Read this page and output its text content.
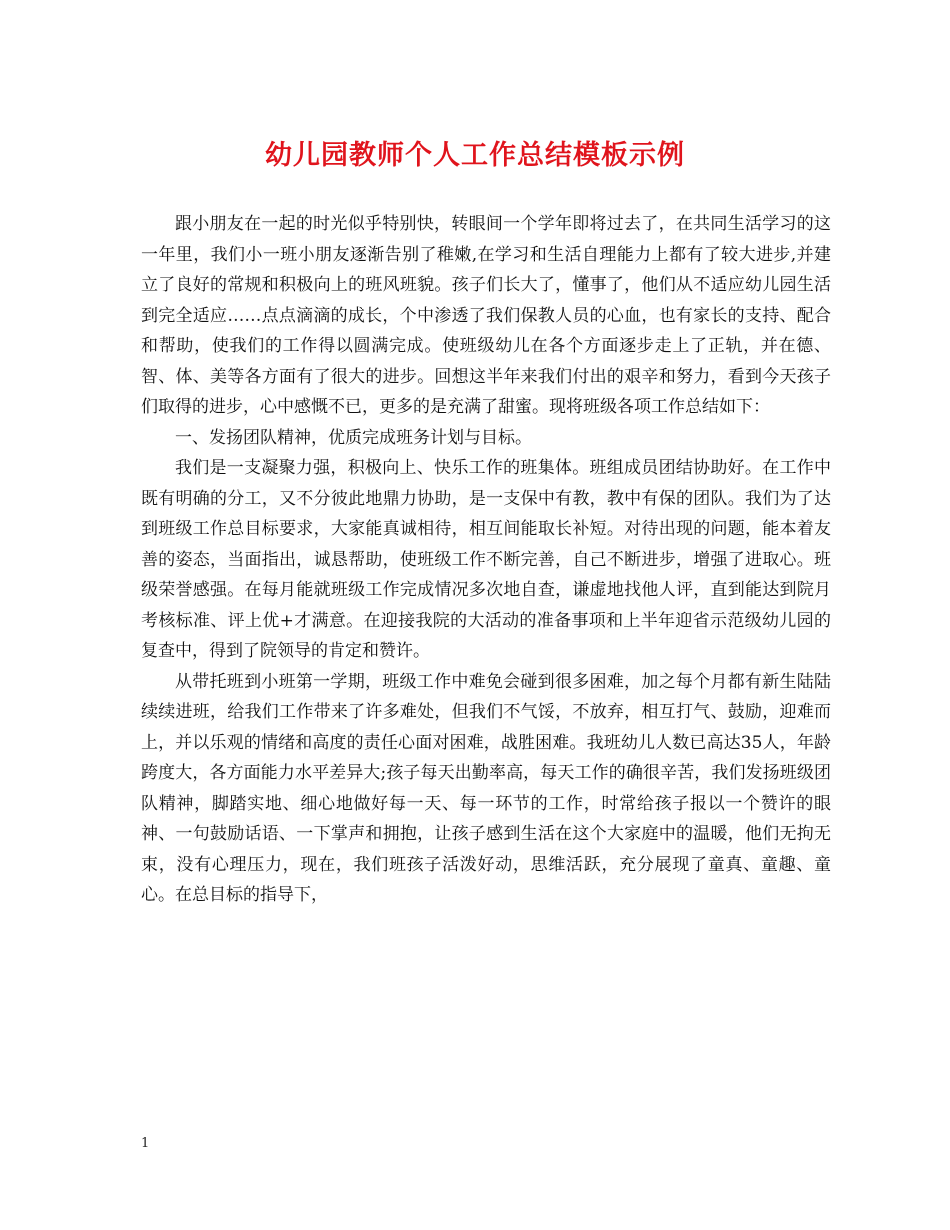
幼儿园教师个人工作总结模板示例

跟小朋友在一起的时光似乎特别快，转眼间一个学年即将过去了，在共同生活学习的这一年里，我们小一班小朋友逐渐告别了稚嫩,在学习和生活自理能力上都有了较大进步,并建立了良好的常规和积极向上的班风班貌。孩子们长大了，懂事了，他们从不适应幼儿园生活到完全适应……点点滴滴的成长，个中渗透了我们保教人员的心血，也有家长的支持、配合和帮助，使我们的工作得以圆满完成。使班级幼儿在各个方面逐步走上了正轨，并在德、智、体、美等各方面有了很大的进步。回想这半年来我们付出的艰辛和努力，看到今天孩子们取得的进步，心中感慨不已，更多的是充满了甜蜜。现将班级各项工作总结如下：

一、发扬团队精神，优质完成班务计划与目标。

我们是一支凝聚力强，积极向上、快乐工作的班集体。班组成员团结协助好。在工作中既有明确的分工，又不分彼此地鼎力协助，是一支保中有教，教中有保的团队。我们为了达到班级工作总目标要求，大家能真诚相待，相互间能取长补短。对待出现的问题，能本着友善的姿态，当面指出，诚恳帮助，使班级工作不断完善，自己不断进步，增强了进取心。班级荣誉感强。在每月能就班级工作完成情况多次地自查，谦虚地找他人评，直到能达到院月考核标准、评上优+才满意。在迎接我院的大活动的准备事项和上半年迎省示范级幼儿园的复查中，得到了院领导的肯定和赞许。

从带托班到小班第一学期，班级工作中难免会碰到很多困难，加之每个月都有新生陆陆续续进班，给我们工作带来了许多难处，但我们不气馁，不放弃，相互打气、鼓励，迎难而上，并以乐观的情绪和高度的责任心面对困难，战胜困难。我班幼儿人数已高达35人，年龄跨度大，各方面能力水平差异大;孩子每天出勤率高，每天工作的确很辛苦，我们发扬班级团队精神，脚踏实地、细心地做好每一天、每一环节的工作，时常给孩子报以一个赞许的眼神、一句鼓励话语、一下掌声和拥抱，让孩子感到生活在这个大家庭中的温暖，他们无拘无束，没有心理压力，现在，我们班孩子活泼好动，思维活跃，充分展现了童真、童趣、童心。在总目标的指导下，

1
